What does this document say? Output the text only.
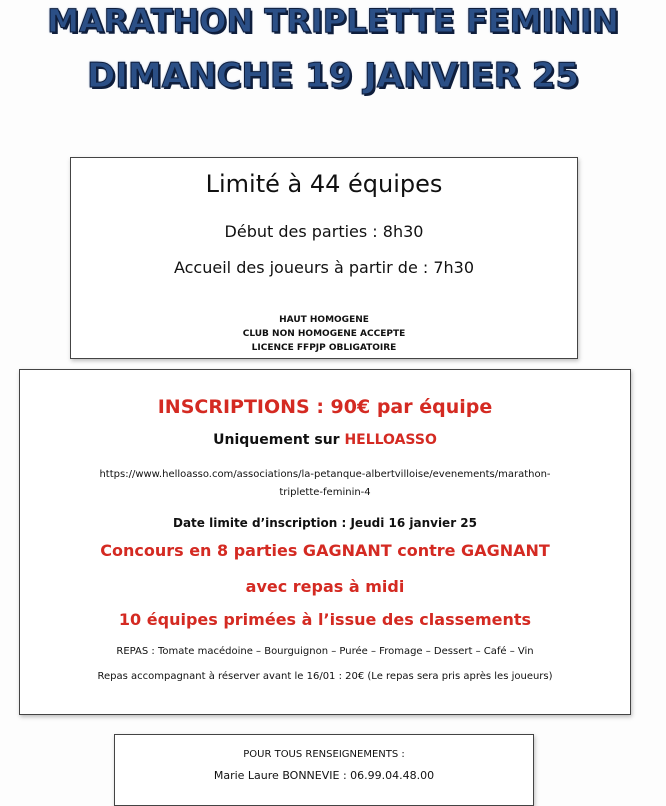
MARATHON TRIPLETTE FEMININ
DIMANCHE 19 JANVIER 25
Limité à 44 équipes
Début des parties : 8h30
Accueil des joueurs à partir de : 7h30
HAUT HOMOGENE
CLUB NON HOMOGENE ACCEPTE
LICENCE FFPJP OBLIGATOIRE
INSCRIPTIONS : 90€ par équipe
Uniquement sur HELLOASSO
https://www.helloasso.com/associations/la-petanque-albertvilloise/evenements/marathon-
triplette-feminin-4
Date limite d’inscription : Jeudi 16 janvier 25
Concours en 8 parties GAGNANT contre GAGNANT
avec repas à midi
10 équipes primées à l’issue des classements
REPAS : Tomate macédoine – Bourguignon – Purée – Fromage – Dessert – Café – Vin
Repas accompagnant à réserver avant le 16/01 : 20€ (Le repas sera pris après les joueurs)
POUR TOUS RENSEIGNEMENTS :
Marie Laure BONNEVIE : 06.99.04.48.00
